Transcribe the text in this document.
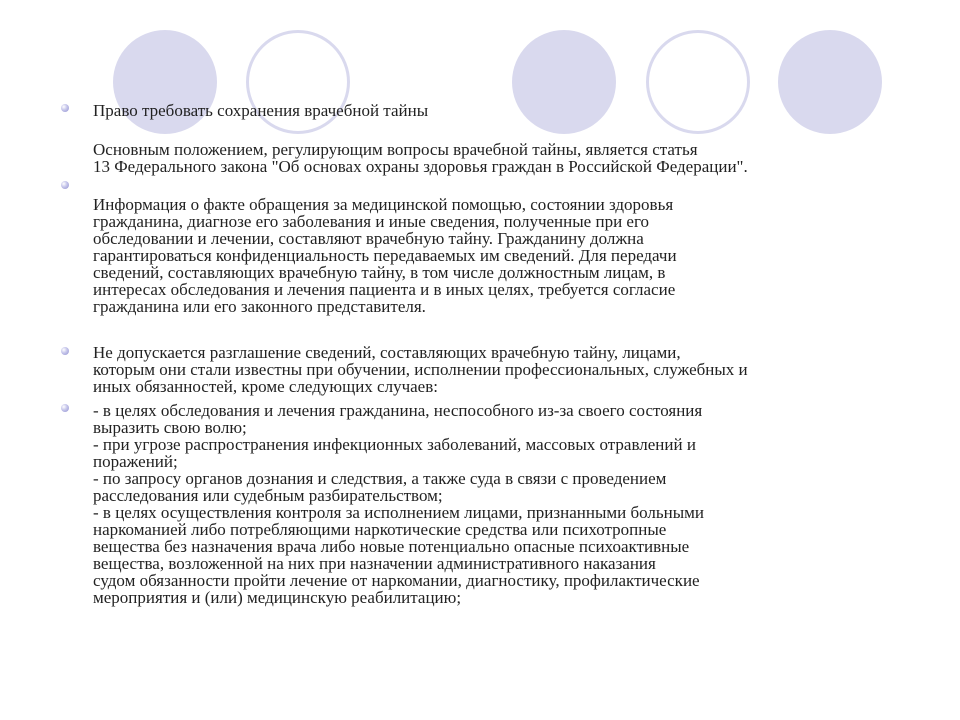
Право требовать сохранения врачебной тайны
Основным положением, регулирующим вопросы врачебной тайны, является статья
13 Федерального закона "Об основах охраны здоровья граждан в Российской Федерации".
Информация о факте обращения за медицинской помощью, состоянии здоровья
гражданина, диагнозе его заболевания и иные сведения, полученные при его
обследовании и лечении, составляют врачебную тайну. Гражданину должна
гарантироваться конфиденциальность передаваемых им сведений. Для передачи
сведений, составляющих врачебную тайну, в том числе должностным лицам, в
интересах обследования и лечения пациента и в иных целях, требуется согласие
гражданина или его законного представителя.
Не допускается разглашение сведений, составляющих врачебную тайну, лицами,
которым они стали известны при обучении, исполнении профессиональных, служебных и
иных обязанностей, кроме следующих случаев:
- в целях обследования и лечения гражданина, неспособного из-за своего состояния
выразить свою волю;
- при угрозе распространения инфекционных заболеваний, массовых отравлений и
поражений;
- по запросу органов дознания и следствия, а также суда в связи с проведением
расследования или судебным разбирательством;
- в целях осуществления контроля за исполнением лицами, признанными больными
наркоманией либо потребляющими наркотические средства или психотропные
вещества без назначения врача либо новые потенциально опасные психоактивные
вещества, возложенной на них при назначении административного наказания
судом обязанности пройти лечение от наркомании, диагностику, профилактические
мероприятия и (или) медицинскую реабилитацию;
